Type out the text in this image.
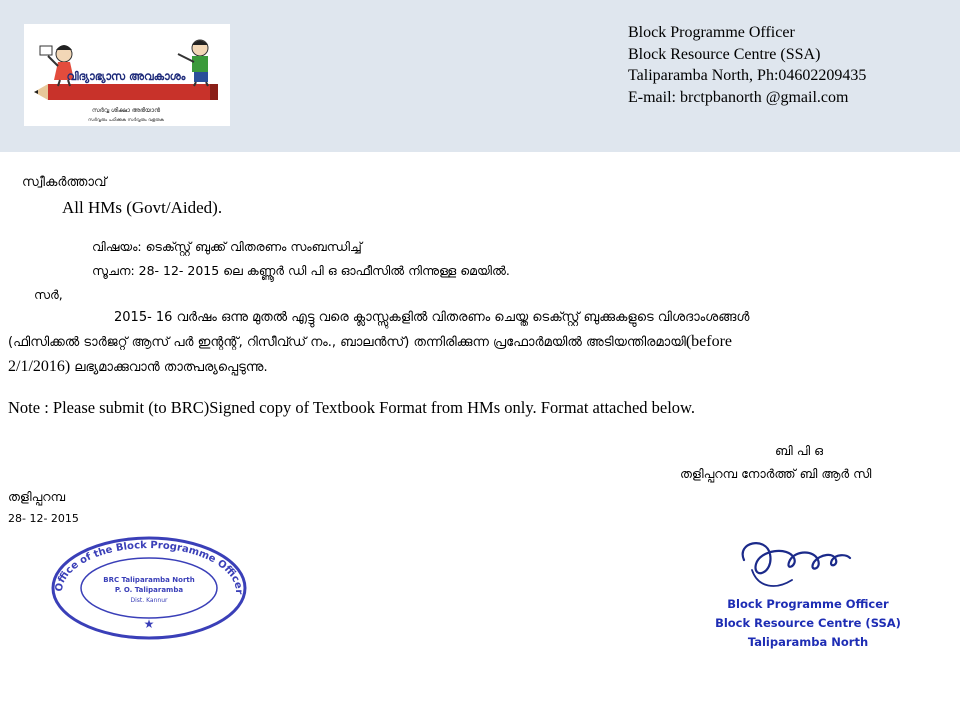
വിദ്യാഭ്യാസ അവകാശം
സർവ്വ ശിക്ഷാ അഭിയാൻ
സർവ്വരും പഠിക്കുക സർവ്വരും വളരുക
Block Programme Officer
Block Resource Centre (SSA)
Taliparamba North, Ph:04602209435
E-mail: brctpbanorth @gmail.com
സ്വീകർത്താവ്
All HMs (Govt/Aided).
വിഷയം: ടെക്സ്റ്റ് ബുക്ക് വിതരണം സംബന്ധിച്ച്
സൂചന: 28- 12- 2015 ലെ കണ്ണൂർ ഡി പി ഒ ഓഫീസിൽ നിന്നുള്ള മെയിൽ.
സർ,
2015- 16 വർഷം ഒന്നു മുതൽ എട്ടു വരെ ക്ലാസ്സുകളിൽ വിതരണം ചെയ്ത ടെക്സ്റ്റ് ബുക്കുകളുടെ വിശദാംശങ്ങൾ
(ഫിസിക്കൽ ടാർജറ്റ് ആസ് പർ ഇന്റന്റ്, റിസീവ്ഡ് നം., ബാലൻസ്) തന്നിരിക്കുന്ന പ്രഫോർമയിൽ അടിയന്തിരമായി(before
2/1/2016) ലഭ്യമാക്കുവാൻ താത്പര്യപ്പെടുന്നു.
Note : Please submit (to BRC)Signed copy of Textbook Format from HMs only. Format attached below.
ബി പി ഒ
തളിപ്പറമ്പ നോർത്ത് ബി ആർ സി
തളിപ്പറമ്പ
28- 12- 2015
Office of the Block Programme Officer
BRC Taliparamba North
P. O. Taliparamba
Dist. Kannur
★
Block Programme Officer
Block Resource Centre (SSA)
Taliparamba North
